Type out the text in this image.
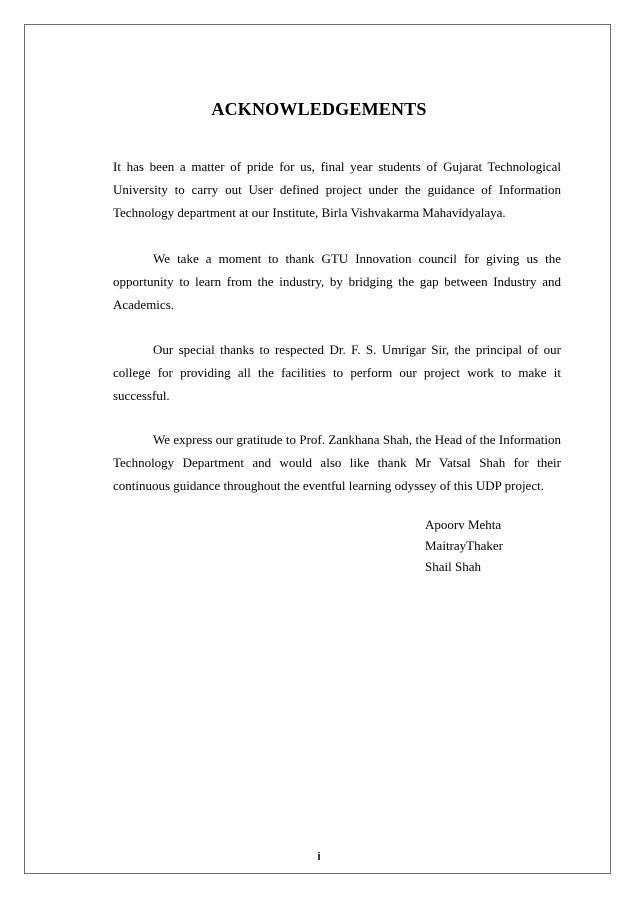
ACKNOWLEDGEMENTS

It has been a matter of pride for us, final year students of Gujarat Technological University to carry out User defined project under the guidance of Information Technology department at our Institute, Birla Vishvakarma Mahavidyalaya.

We take a moment to thank GTU Innovation council for giving us the opportunity to learn from the industry, by bridging the gap between Industry and Academics.

Our special thanks to respected Dr. F. S. Umrigar Sir, the principal of our college for providing all the facilities to perform our project work to make it successful.

We express our gratitude to Prof. Zankhana Shah, the Head of the Information Technology Department and would also like thank Mr Vatsal Shah for their continuous guidance throughout the eventful learning odyssey of this UDP project.

Apoorv Mehta
MaitrayThaker
Shail Shah

i
